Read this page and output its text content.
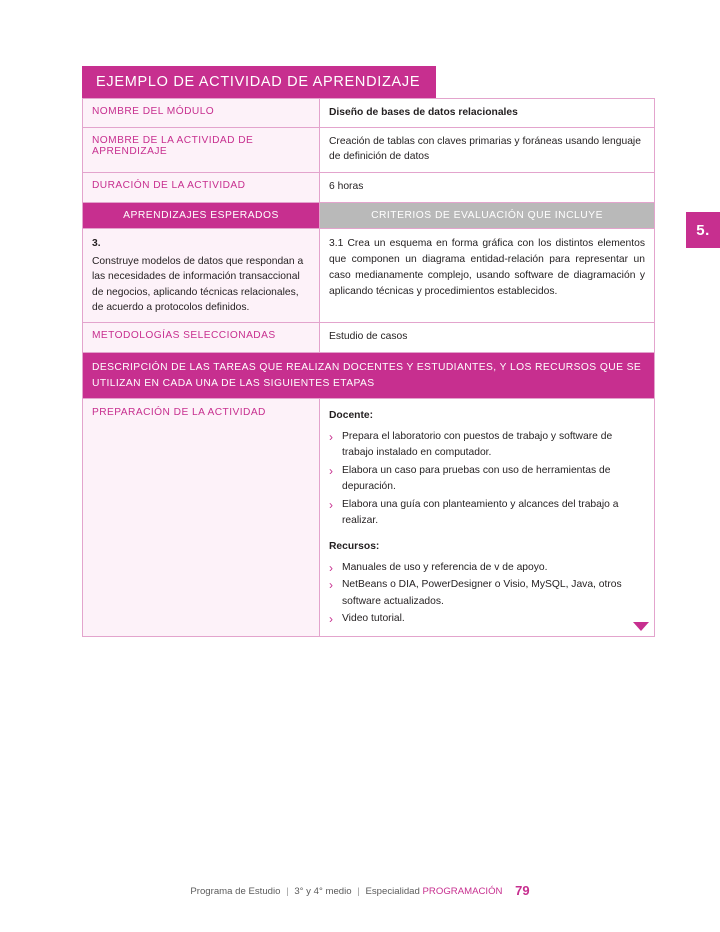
5.
EJEMPLO DE ACTIVIDAD DE APRENDIZAJE
NOMBRE DEL MÓDULO	Diseño de bases de datos relacionales
NOMBRE DE LA ACTIVIDAD DE APRENDIZAJE	Creación de tablas con claves primarias y foráneas usando lenguaje de definición de datos
DURACIÓN DE LA ACTIVIDAD	6 horas
APRENDIZAJES ESPERADOS	CRITERIOS DE EVALUACIÓN QUE INCLUYE

3.
Construye modelos de datos que respondan a las necesidades de información transaccional de negocios, aplicando técnicas relacionales, de acuerdo a protocolos definidos.	3.1 Crea un esquema en forma gráfica con los distintos elementos que componen un diagrama entidad-relación para representar un caso medianamente complejo, usando software de diagramación y aplicando técnicas y procedimientos establecidos.
METODOLOGÍAS SELECCIONADAS	Estudio de casos
DESCRIPCIÓN DE LAS TAREAS QUE REALIZAN DOCENTES Y ESTUDIANTES, Y LOS RECURSOS QUE SE UTILIZAN EN CADA UNA DE LAS SIGUIENTES ETAPAS	
PREPARACIÓN DE LA ACTIVIDAD	Docente:
› Prepara el laboratorio con puestos de trabajo y software de trabajo instalado en computador.
› Elabora un caso para pruebas con uso de herramientas de depuración.
› Elabora una guía con planteamiento y alcances del trabajo a realizar.
Recursos:
› Manuales de uso y referencia de v de apoyo.
› NetBeans o DIA, PowerDesigner o Visio, MySQL, Java, otros software actualizados.
› Video tutorial.
Programa de Estudio | 3° y 4° medio | Especialidad PROGRAMACIÓN 79
